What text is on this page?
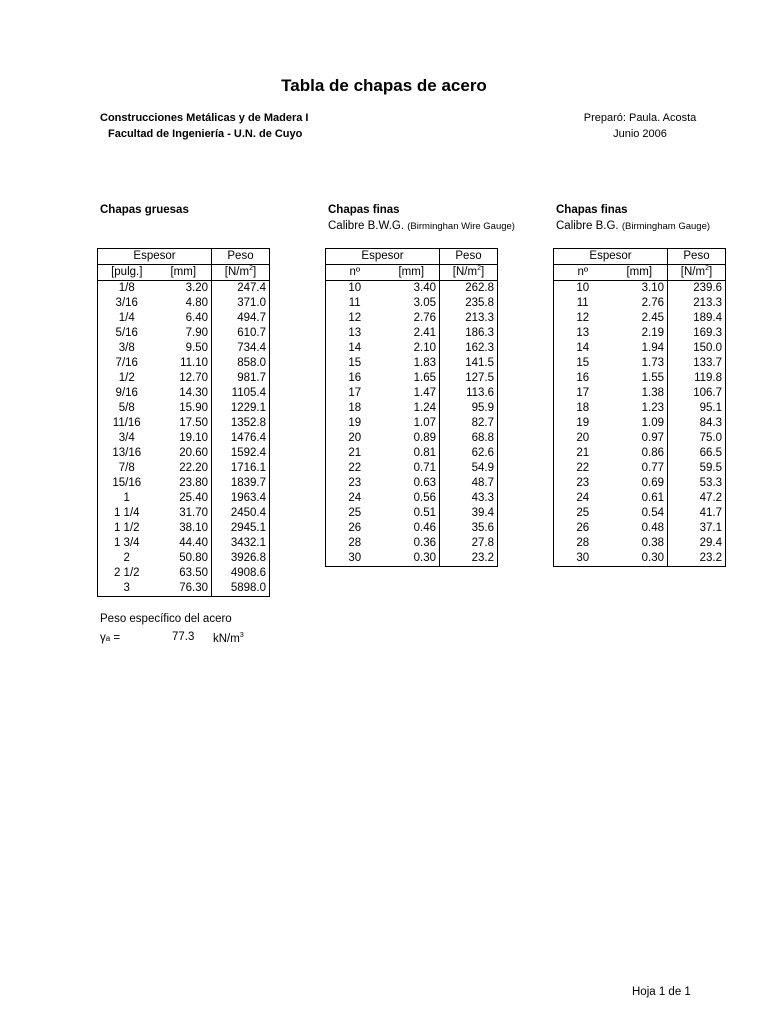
Tabla de chapas de acero
Construcciones Metálicas y de Madera I
Facultad de Ingeniería - U.N. de Cuyo
Preparó: Paula. Acosta
Junio 2006
Chapas gruesas	Chapas finas
Calibre B.W.G. (Birminghan Wire Gauge)
Chapas finas
Calibre B.G. (Birmingham Gauge)
Espesor		Peso
[pulg.]	[mm]	$[N/m^2]$
1/8	3.20	247.4
3/16	4.80	371.0
1/4	6.40	494.7
5/16	7.90	610.7
3/8	9.50	734.4
7/16	11.10	858.0
1/2	12.70	981.7
9/16	14.30	1105.4
5/8	15.90	1229.1
11/16	17.50	1352.8
3/4	19.10	1476.4
13/16	20.60	1592.4
7/8	22.20	1716.1
15/16	23.80	1839.7
1	25.40	1963.4
1 1/4	31.70	2450.4
1 1/2	38.10	2945.1
1 3/4	44.40	3432.1
2	50.80	3926.8
2 1/2	63.50	4908.6
3	76.30	5898.0
Espesor		Peso
nº	[mm]	$[N/m^2]$
10	3.40	262.8
11	3.05	235.8
12	2.76	213.3
13	2.41	186.3
14	2.10	162.3
15	1.83	141.5
16	1.65	127.5
17	1.47	113.6
18	1.24	95.9
19	1.07	82.7
20	0.89	68.8
21	0.81	62.6
22	0.71	54.9
23	0.63	48.7
24	0.56	43.3
25	0.51	39.4
26	0.46	35.6
28	0.36	27.8
30	0.30	23.2
Espesor		Peso
nº	[mm]	$[N/m^2]$
10	3.10	239.6
11	2.76	213.3
12	2.45	189.4
13	2.19	169.3
14	1.94	150.0
15	1.73	133.7
16	1.55	119.8
17	1.38	106.7
18	1.23	95.1
19	1.09	84.3
20	0.97	75.0
21	0.86	66.5
22	0.77	59.5
23	0.69	53.3
24	0.61	47.2
25	0.54	41.7
26	0.48	37.1
28	0.38	29.4
30	0.30	23.2
Peso específico del acero
γa =	77.3 $kN/m^3$
Hoja 1 de 1
